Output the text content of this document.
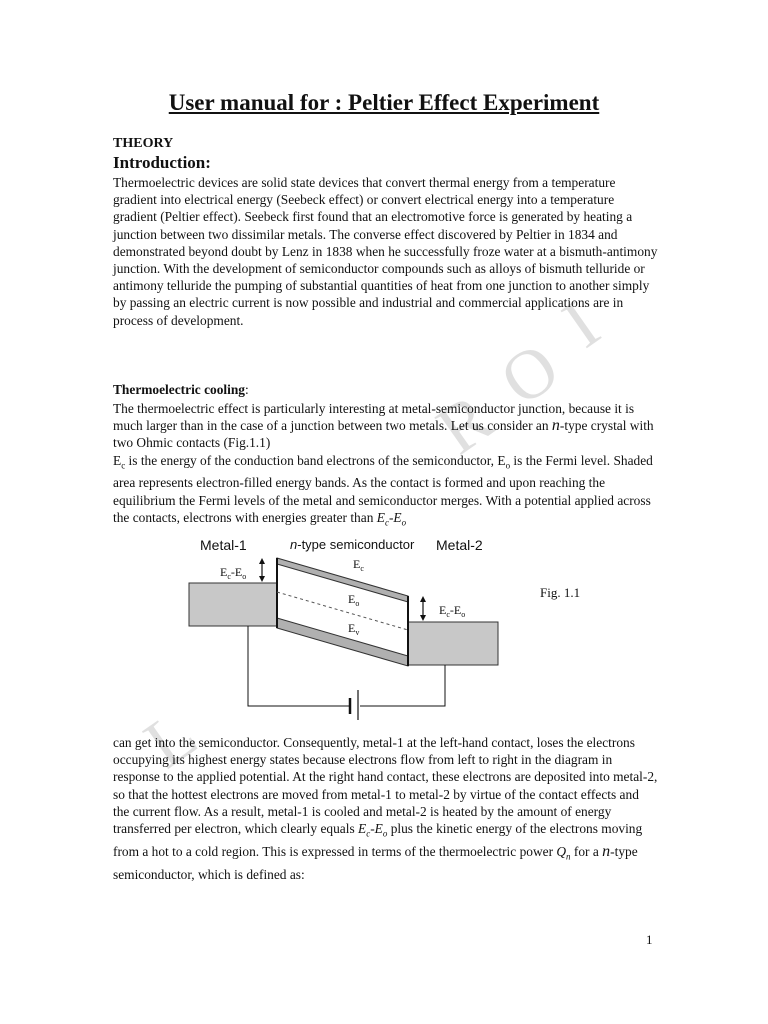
L
R
O
I
User manual for : Peltier Effect Experiment

THEORY

Introduction:

Thermoelectric devices are solid state devices that convert thermal energy from a temperature gradient into electrical energy (Seebeck effect) or convert electrical energy into a temperature gradient (Peltier effect). Seebeck first found that an electromotive force is generated by heating a junction between two dissimilar metals. The converse effect discovered by Peltier in 1834 and demonstrated beyond doubt by Lenz in 1838 when he successfully froze water at a bismuth-antimony junction. With the development of semiconductor compounds such as alloys of bismuth telluride or antimony telluride the pumping of substantial quantities of heat from one junction to another simply by passing an electric current is now possible and industrial and commercial applications are in process of development.

Thermoelectric cooling:

The thermoelectric effect is particularly interesting at metal-semiconductor junction, because it is much larger than in the case of a junction between two metals. Let us consider an n-type crystal with two Ohmic contacts (Fig.1.1)
$E_c$ is the energy of the conduction band electrons of the semiconductor, $E_o$ is the Fermi level. Shaded area represents electron-filled energy bands. As the contact is formed and upon reaching the equilibrium the Fermi levels of the metal and semiconductor merges. With a potential applied across the contacts, electrons with energies greater than $E_c-E_o$

Metal-1	n-type semiconductor Metal-2
$E_c$
$E_o$
$E_v$
$E_c-E_o$
$E_c-E_o$

Fig. 1.1

can get into the semiconductor. Consequently, metal-1 at the left-hand contact, loses the electrons occupying its highest energy states because electrons flow from left to right in the diagram in response to the applied potential. At the right hand contact, these electrons are deposited into metal-2, so that the hottest electrons are moved from metal-1 to metal-2 by virtue of the contact effects and the current flow. As a result, metal-1 is cooled and metal-2 is heated by the amount of energy transferred per electron, which clearly equals $E_c-E_o$ plus the kinetic energy of the electrons moving from a hot to a cold region. This is expressed in terms of the thermoelectric power $Q_n$ for a n-type semiconductor, which is defined as:

1
